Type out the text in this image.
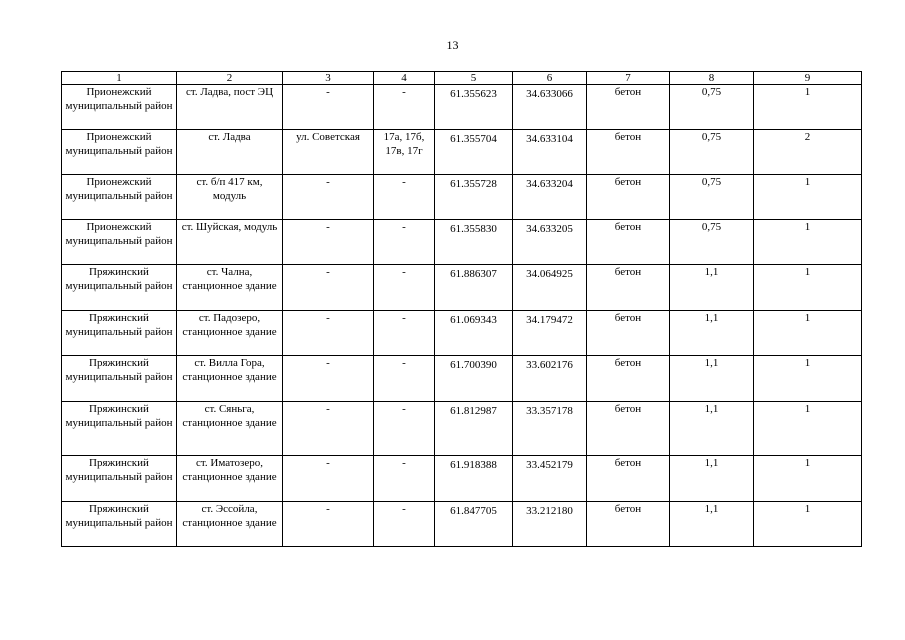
13
1	2	3	4	5	6	7	8	9
Прионежский муниципальный район	ст. Ладва, пост ЭЦ	-	-	61.355623	34.633066	бетон	0,75	1
Прионежский муниципальный район	ст. Ладва	ул. Советская	17а, 17б, 17в, 17г	61.355704	34.633104	бетон	0,75	2
Прионежский муниципальный район	ст. б/п 417 км, модуль	-	-	61.355728	34.633204	бетон	0,75	1
Прионежский муниципальный район	ст. Шуйская, модуль	-	-	61.355830	34.633205	бетон	0,75	1
Пряжинский муниципальный район	ст. Чална, станционное здание	-	-	61.886307	34.064925	бетон	1,1	1
Пряжинский муниципальный район	ст. Падозеро, станционное здание	-	-	61.069343	34.179472	бетон	1,1	1
Пряжинский муниципальный район	ст. Вилла Гора, станционное здание	-	-	61.700390	33.602176	бетон	1,1	1
Пряжинский муниципальный район	ст. Сяньга, станционное здание	-	-	61.812987	33.357178	бетон	1,1	1
Пряжинский муниципальный район	ст. Иматозеро, станционное здание	-	-	61.918388	33.452179	бетон	1,1	1
Пряжинский муниципальный район	ст. Эссойла, станционное здание	-	-	61.847705	33.212180	бетон	1,1	1
